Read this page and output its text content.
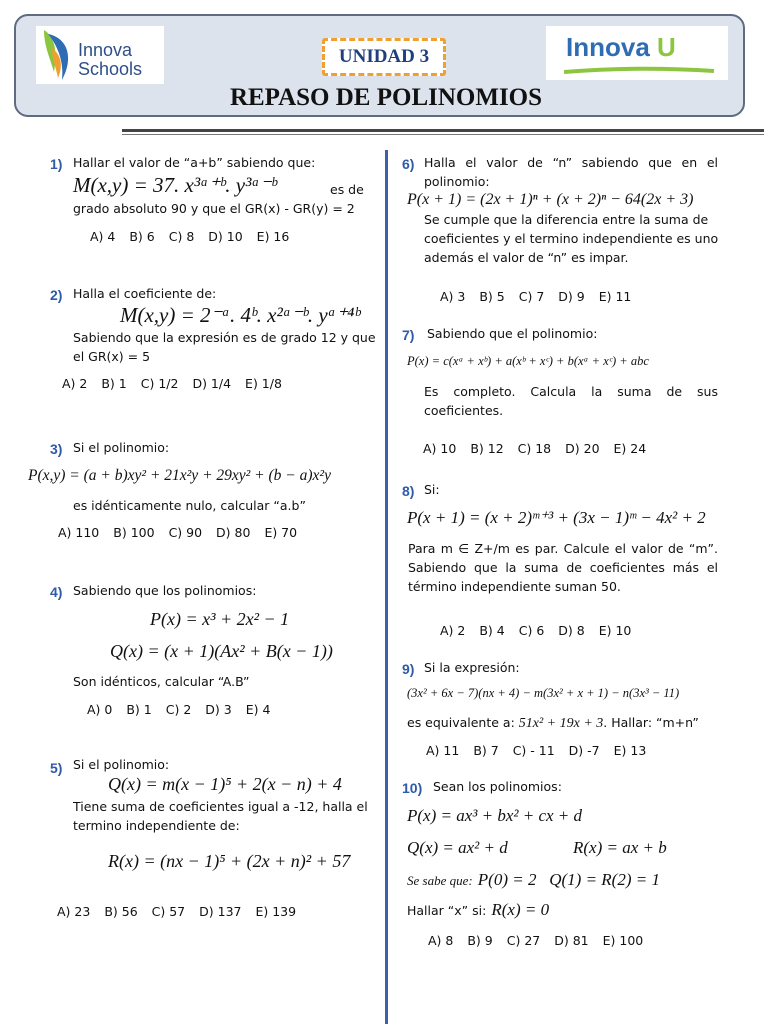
Innova
Schools
UNIDAD 3	Innova U
REPASO DE POLINOMIOS
1) Hallar el valor de “a+b” sabiendo que:
M(x,y) = 37. x³ᵃ⁺ᵇ. y³ᵃ⁻ᵇ	es de
grado absoluto 90 y que el GR(x) - GR(y) = 2
A) 4 B) 6 C) 8 D) 10 E) 16
2) Halla el coeficiente de:
M(x,y) = 2⁻ᵃ. 4ᵇ. x²ᵃ⁻ᵇ. yᵃ⁺⁴ᵇ
Sabiendo que la expresión es de grado 12 y que el GR(x) = 5
A) 2 B) 1 C) 1/2 D) 1/4 E) 1/8
3) Si el polinomio:
P(x,y) = (a + b)xy² + 21x²y + 29xy² + (b − a)x²y
es idénticamente nulo, calcular “a.b”
A) 110 B) 100 C) 90 D) 80 E) 70
4) Sabiendo que los polinomios:
P(x) = x³ + 2x² − 1
Q(x) = (x + 1)(Ax² + B(x − 1))
Son idénticos, calcular “A.B”
A) 0 B) 1 C) 2 D) 3 E) 4
5) Si el polinomio:
Q(x) = m(x − 1)⁵ + 2(x − n) + 4
Tiene suma de coeficientes igual a -12, halla el termino independiente de:
R(x) = (nx − 1)⁵ + (2x + n)² + 57
A) 23 B) 56 C) 57 D) 137 E) 139
6) Halla el valor de “n” sabiendo que en el polinomio:
P(x + 1) = (2x + 1)ⁿ + (x + 2)ⁿ − 64(2x + 3)
Se cumple que la diferencia entre la suma de coeficientes y el termino independiente es uno además el valor de “n” es impar.
A) 3 B) 5 C) 7 D) 9 E) 11
7) Sabiendo que el polinomio:
P(x) = c(xᵃ + xᵇ) + a(xᵇ + xᶜ) + b(xᵃ + xᶜ) + abc
Es completo. Calcula la suma de sus coeficientes.
A) 10 B) 12 C) 18 D) 20 E) 24
8) Si:
P(x + 1) = (x + 2)ᵐ⁺³ + (3x − 1)ᵐ − 4x² + 2
Para m ∈ Z+/m es par. Calcule el valor de “m”. Sabiendo que la suma de coeficientes más el término independiente suman 50.
A) 2 B) 4 C) 6 D) 8 E) 10
9) Si la expresión:
(3x² + 6x − 7)(nx + 4) − m(3x² + x + 1) − n(3x³ − 11)
es equivalente a: 51x² + 19x + 3. Hallar: “m+n”
A) 11 B) 7 C) - 11 D) -7 E) 13
10) Sean los polinomios:
P(x) = ax³ + bx² + cx + d
Q(x) = ax² + d	R(x) = ax + b
Se sabe que: P(0) = 2   Q(1) = R(2) = 1
Hallar “x” si: R(x) = 0
A) 8 B) 9 C) 27 D) 81 E) 100
